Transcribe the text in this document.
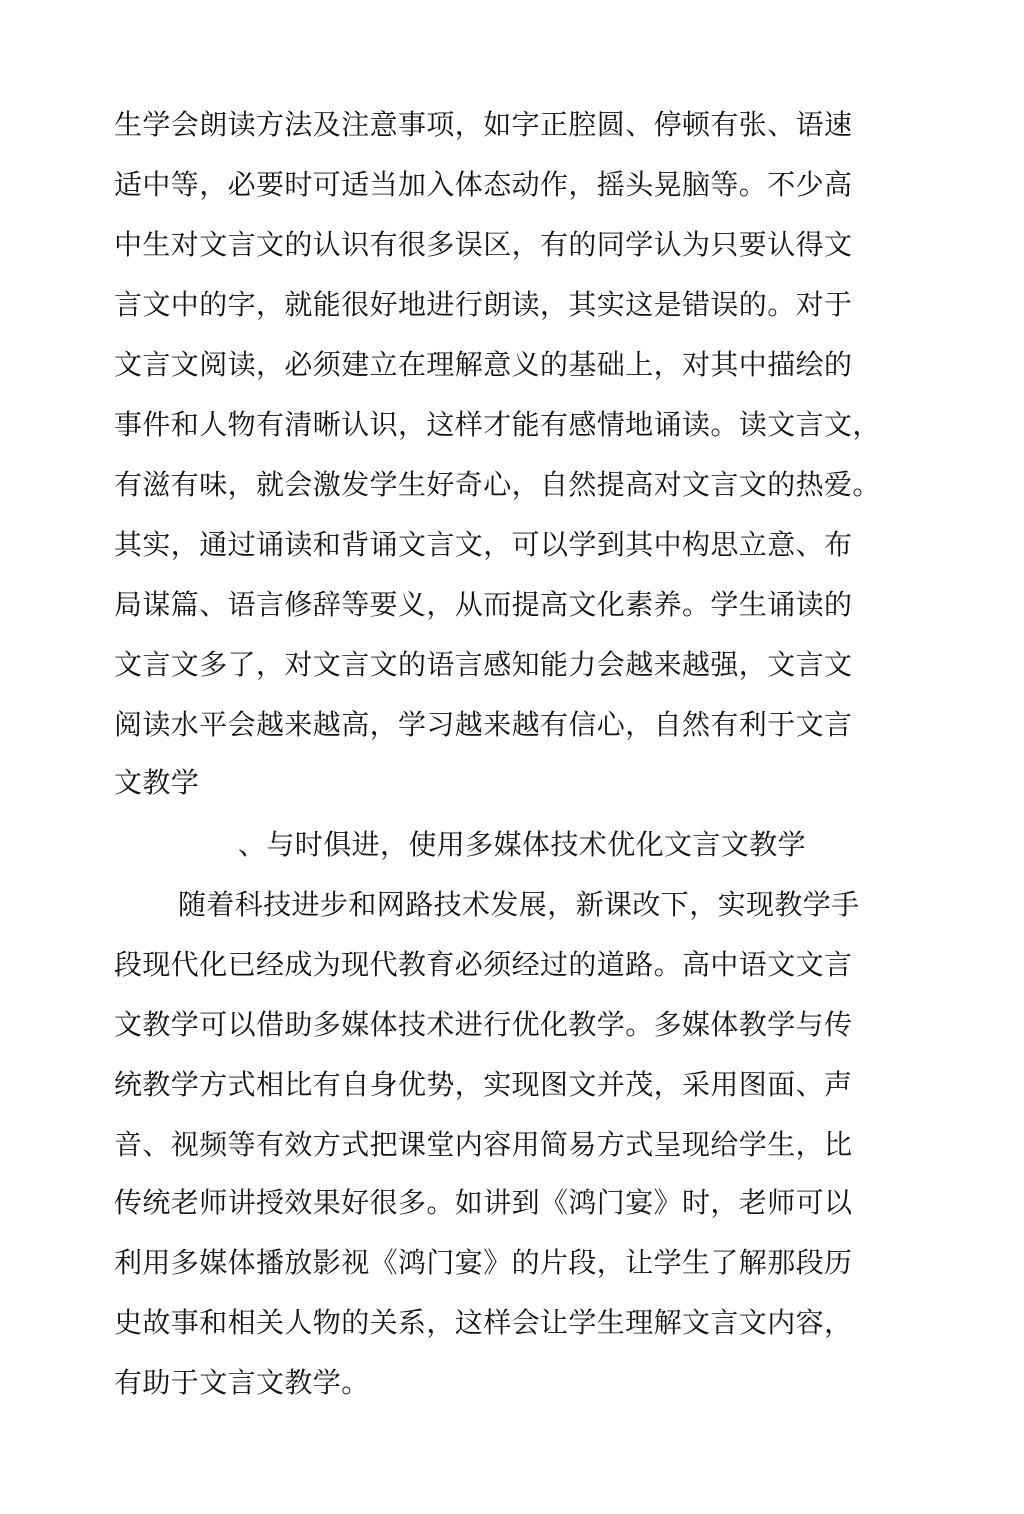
生学会朗读方法及注意事项，如字正腔圆、停顿有张、语速
适中等，必要时可适当加入体态动作，摇头晃脑等。不少高
中生对文言文的认识有很多误区，有的同学认为只要认得文
言文中的字，就能很好地进行朗读，其实这是错误的。对于
文言文阅读，必须建立在理解意义的基础上，对其中描绘的
事件和人物有清晰认识，这样才能有感情地诵读。读文言文，
有滋有味，就会激发学生好奇心，自然提高对文言文的热爱。
其实，通过诵读和背诵文言文，可以学到其中构思立意、布
局谋篇、语言修辞等要义，从而提高文化素养。学生诵读的
文言文多了，对文言文的语言感知能力会越来越强，文言文
阅读水平会越来越高，学习越来越有信心，自然有利于文言
文教学
、与时俱进，使用多媒体技术优化文言文教学
随着科技进步和网路技术发展，新课改下，实现教学手
段现代化已经成为现代教育必须经过的道路。高中语文文言
文教学可以借助多媒体技术进行优化教学。多媒体教学与传
统教学方式相比有自身优势，实现图文并茂，采用图面、声
音、视频等有效方式把课堂内容用简易方式呈现给学生，比
传统老师讲授效果好很多。如讲到《鸿门宴》时，老师可以
利用多媒体播放影视《鸿门宴》的片段，让学生了解那段历
史故事和相关人物的关系，这样会让学生理解文言文内容，
有助于文言文教学。
